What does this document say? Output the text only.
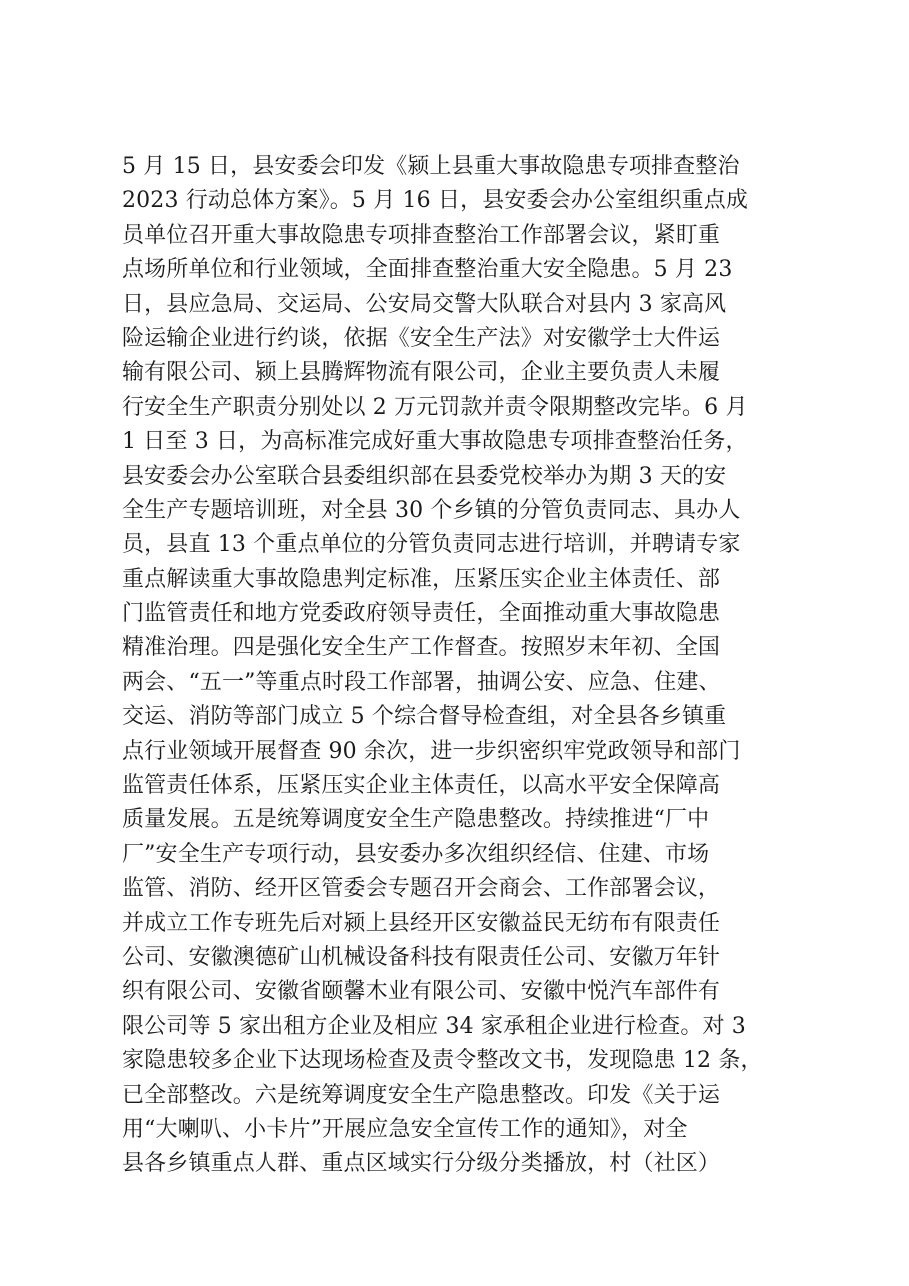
5 月 15 日，县安委会印发《颍上县重大事故隐患专项排查整治
2023 行动总体方案》。5 月 16 日，县安委会办公室组织重点成
员单位召开重大事故隐患专项排查整治工作部署会议，紧盯重
点场所单位和行业领域，全面排查整治重大安全隐患。5 月 23
日，县应急局、交运局、公安局交警大队联合对县内 3 家高风
险运输企业进行约谈，依据《安全生产法》对安徽学士大件运
输有限公司、颍上县腾辉物流有限公司，企业主要负责人未履
行安全生产职责分别处以 2 万元罚款并责令限期整改完毕。6 月
1 日至 3 日，为高标准完成好重大事故隐患专项排查整治任务，
县安委会办公室联合县委组织部在县委党校举办为期 3 天的安
全生产专题培训班，对全县 30 个乡镇的分管负责同志、具办人
员，县直 13 个重点单位的分管负责同志进行培训，并聘请专家
重点解读重大事故隐患判定标准，压紧压实企业主体责任、部
门监管责任和地方党委政府领导责任，全面推动重大事故隐患
精准治理。四是强化安全生产工作督查。按照岁末年初、全国
两会、“五一”等重点时段工作部署，抽调公安、应急、住建、
交运、消防等部门成立 5 个综合督导检查组，对全县各乡镇重
点行业领域开展督查 90 余次，进一步织密织牢党政领导和部门
监管责任体系，压紧压实企业主体责任，以高水平安全保障高
质量发展。五是统筹调度安全生产隐患整改。持续推进“厂中
厂”安全生产专项行动，县安委办多次组织经信、住建、市场
监管、消防、经开区管委会专题召开会商会、工作部署会议，
并成立工作专班先后对颍上县经开区安徽益民无纺布有限责任
公司、安徽澳德矿山机械设备科技有限责任公司、安徽万年针
织有限公司、安徽省颐馨木业有限公司、安徽中悦汽车部件有
限公司等 5 家出租方企业及相应 34 家承租企业进行检查。对 3
家隐患较多企业下达现场检查及责令整改文书，发现隐患 12 条，
已全部整改。六是统筹调度安全生产隐患整改。印发《关于运
用“大喇叭、小卡片”开展应急安全宣传工作的通知》，对全
县各乡镇重点人群、重点区域实行分级分类播放，村（社区）
